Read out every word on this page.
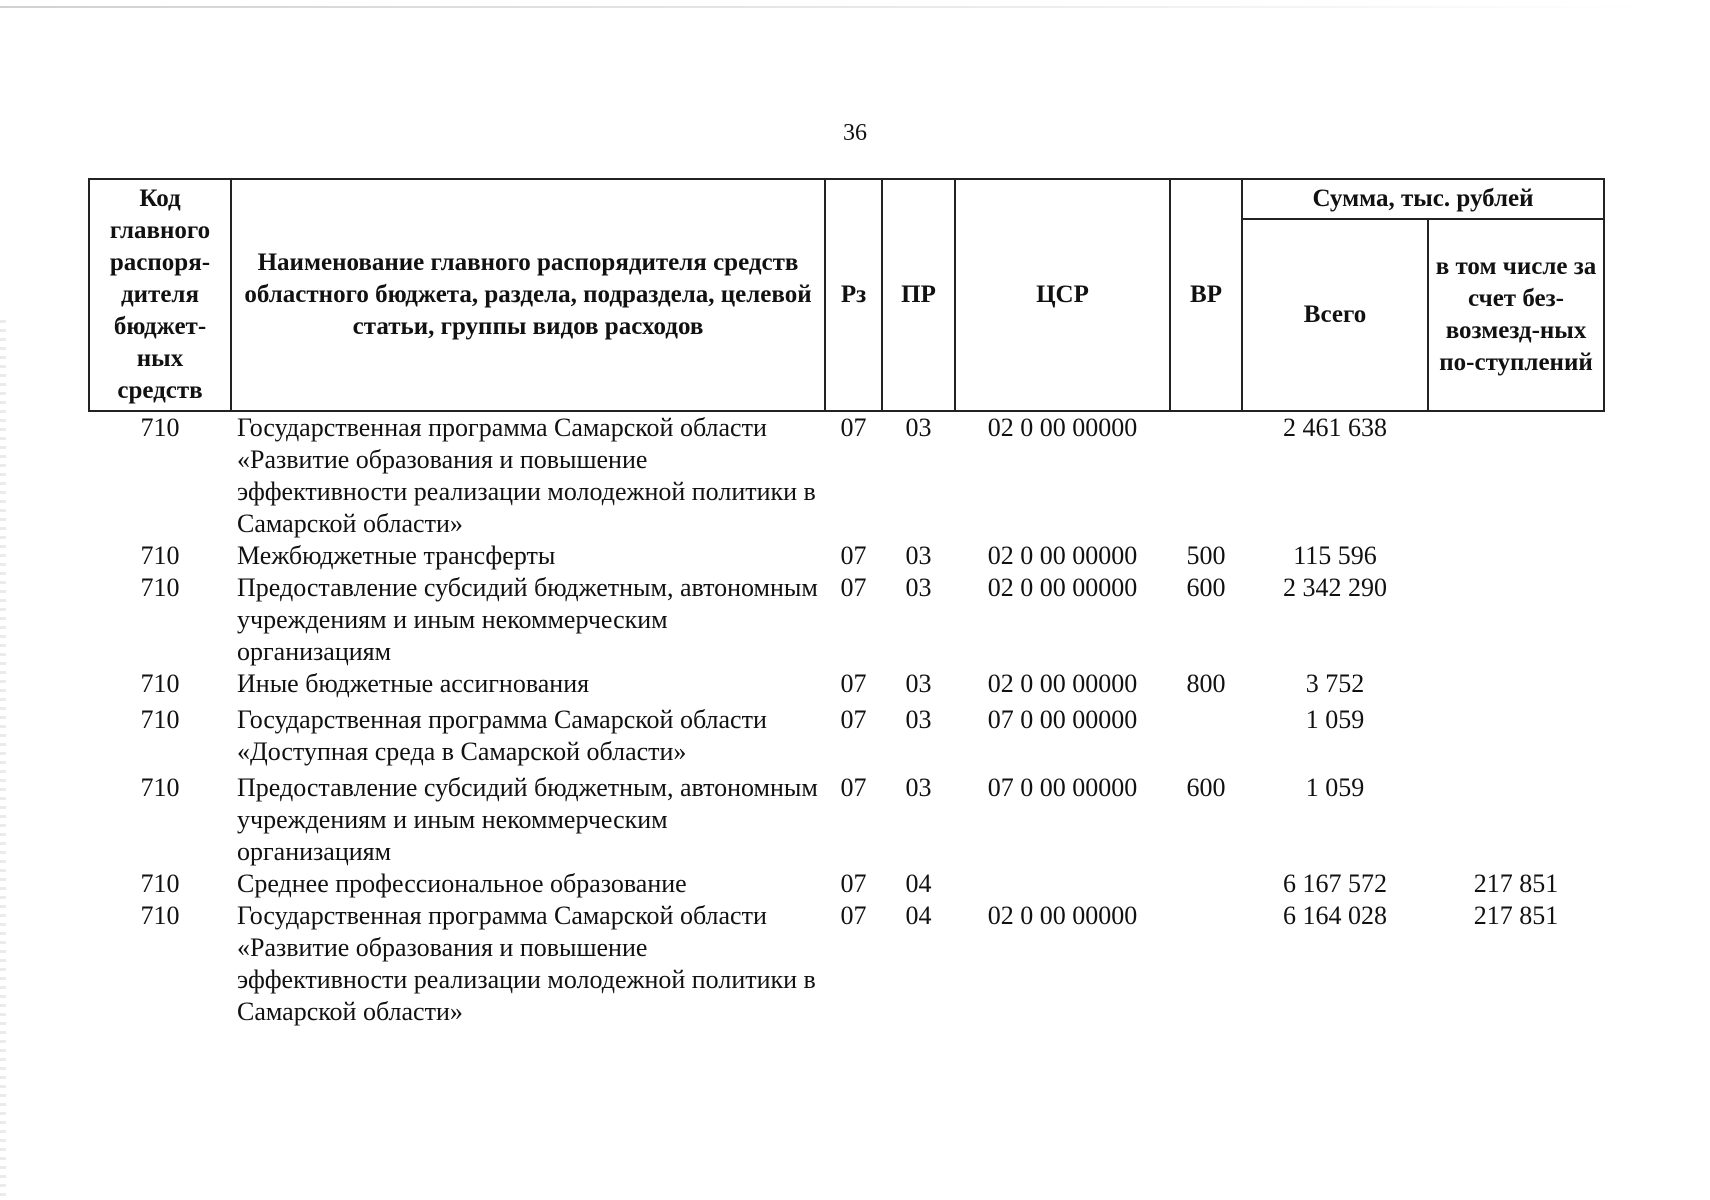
36
Код главного распоря-дителя бюджет-ных средств	Наименование главного распорядителя средств областного бюджета, раздела, подраздела, целевой статьи, группы видов расходов	Рз	ПР	ЦСР	ВР	Сумма, тыс. рублей	
						Всего	в том числе за счет без-возмезд-ных по-ступлений
710	Государственная программа Самарской области «Развитие образования и повышение эффективности реализации молодежной политики в Самарской области»	07	03	02 0 00 00000		2 461 638	
710	Межбюджетные трансферты	07	03	02 0 00 00000	500	115 596	
710	Предоставление субсидий бюджетным, автономным учреждениям и иным некоммерческим организациям	07	03	02 0 00 00000	600	2 342 290	
710	Иные бюджетные ассигнования	07	03	02 0 00 00000	800	3 752	
710	Государственная программа Самарской области «Доступная среда в Самарской области»	07	03	07 0 00 00000		1 059	
710	Предоставление субсидий бюджетным, автономным учреждениям и иным некоммерческим организациям	07	03	07 0 00 00000	600	1 059	
710	Среднее профессиональное образование	07	04			6 167 572	217 851
710	Государственная программа Самарской области «Развитие образования и повышение эффективности реализации молодежной политики в Самарской области»	07	04	02 0 00 00000		6 164 028	217 851
